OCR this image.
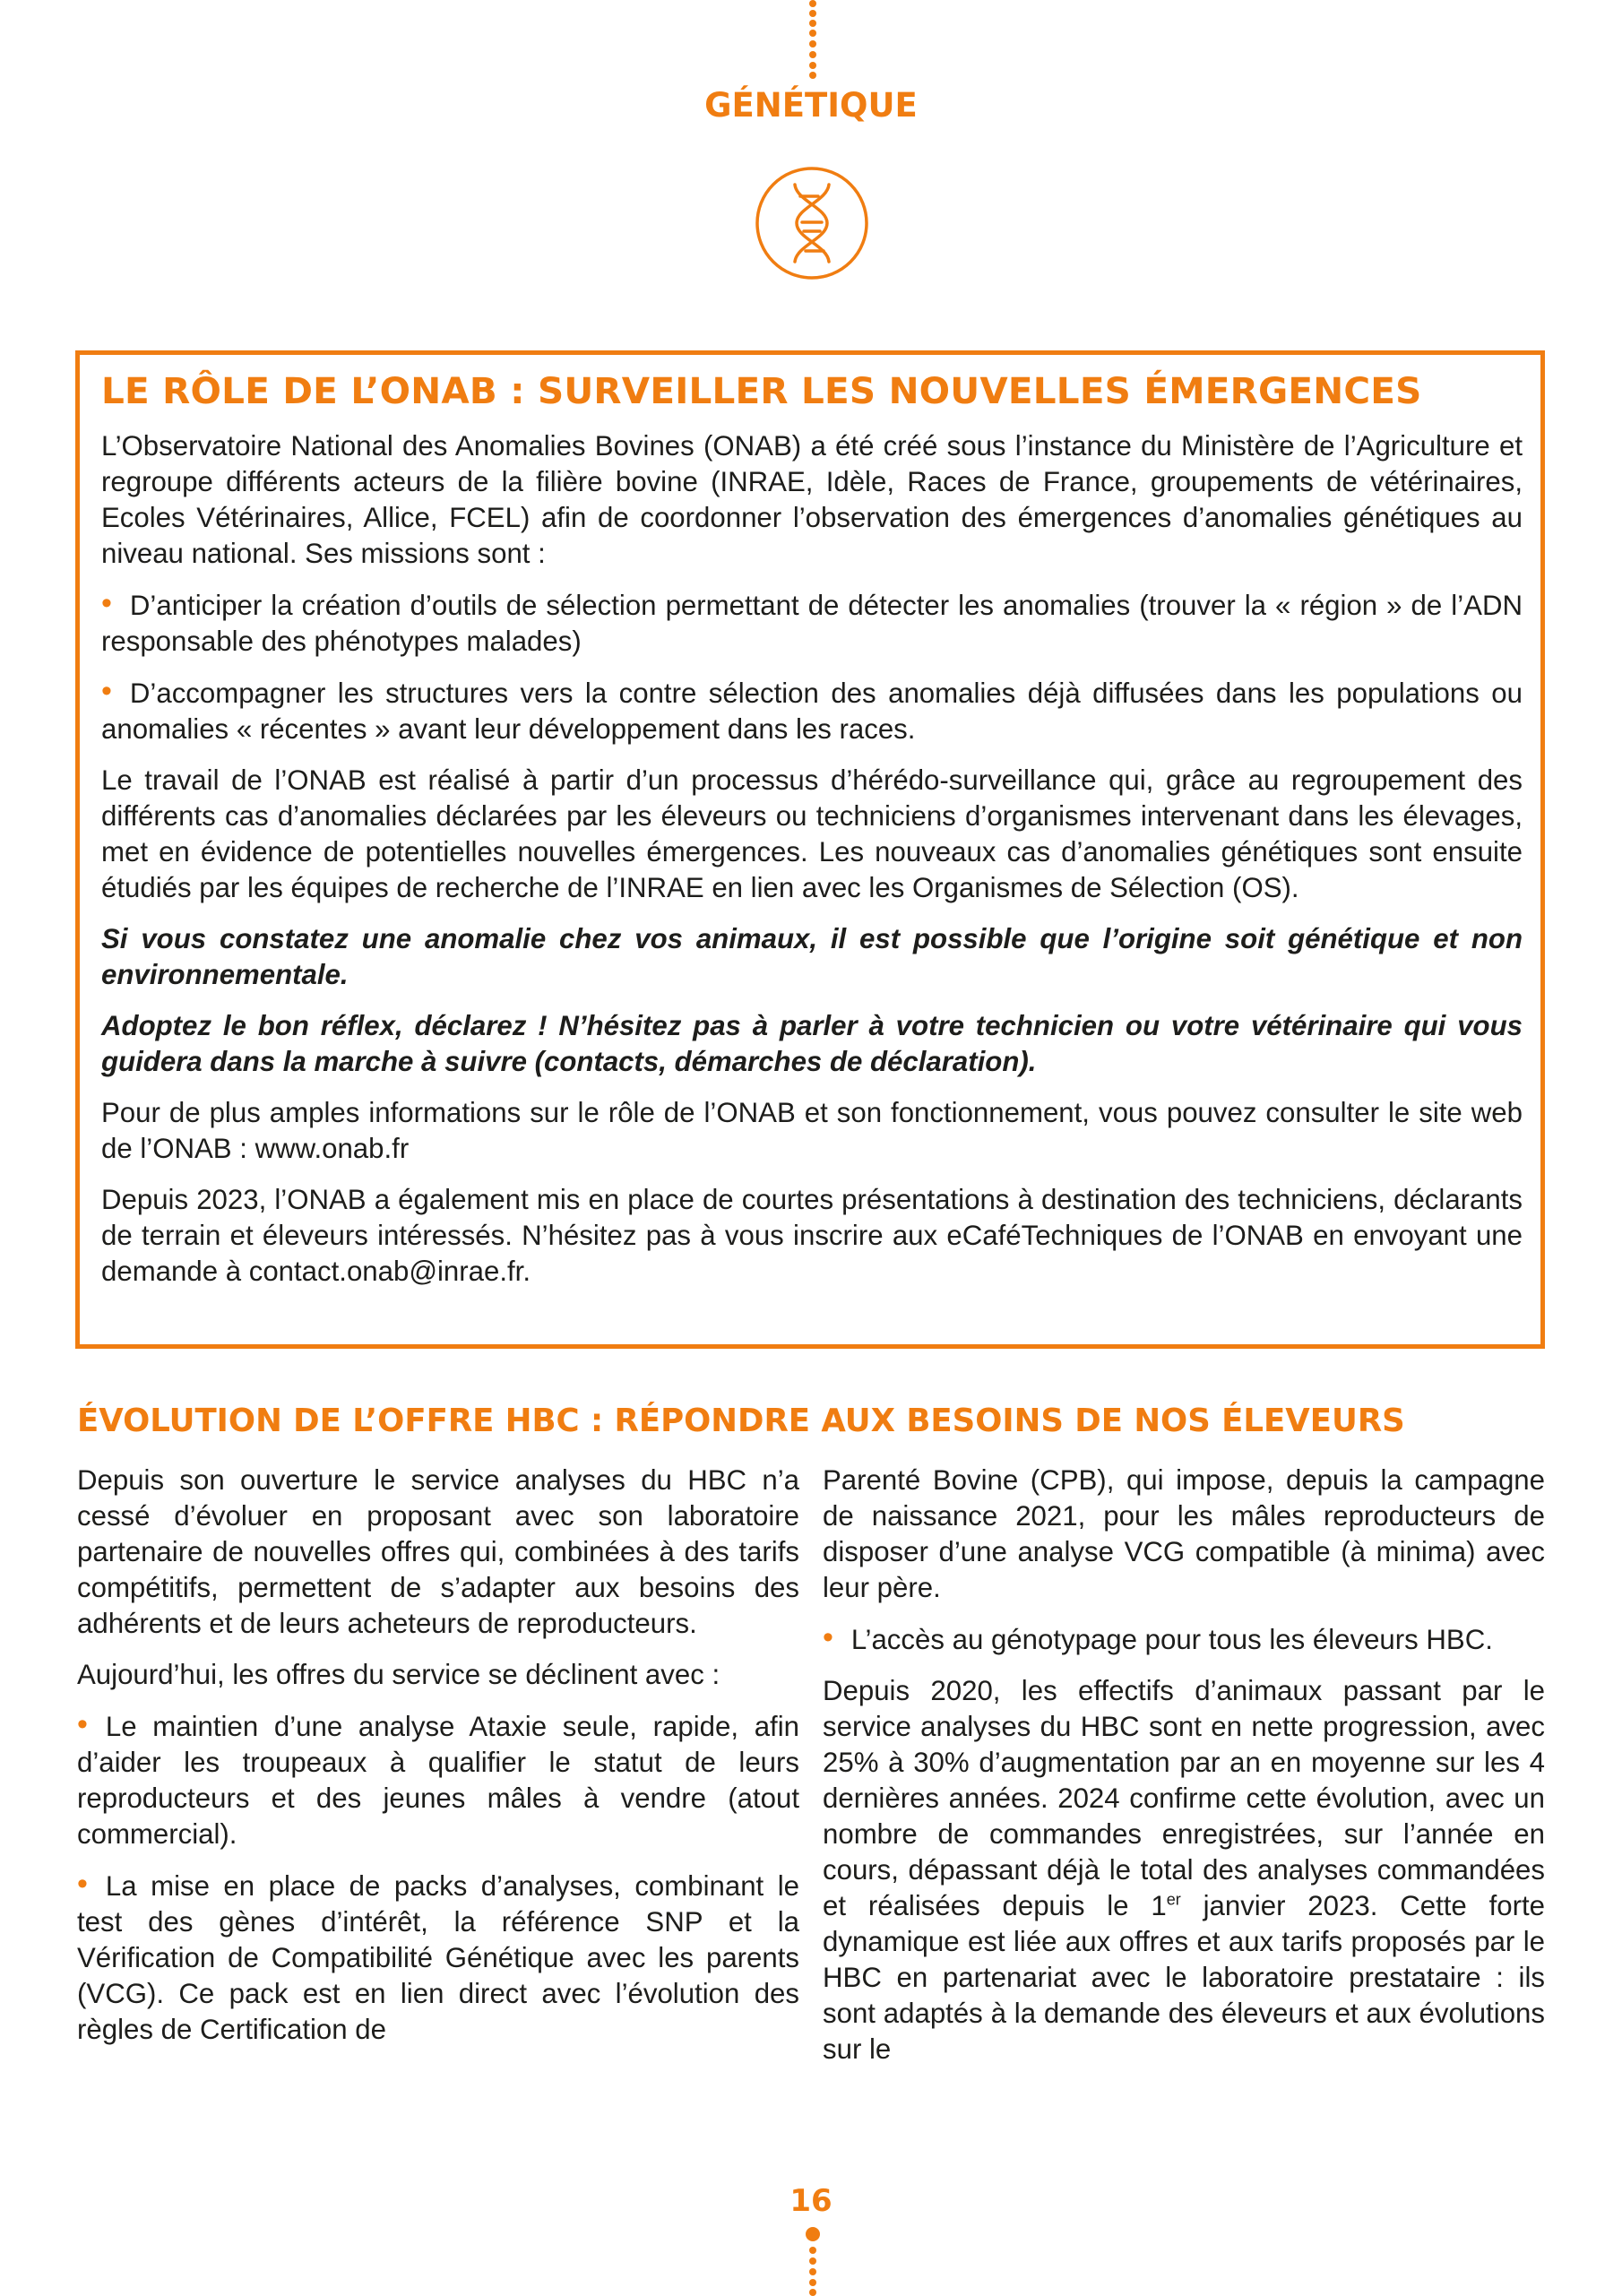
GÉNÉTIQUE
LE RÔLE DE L’ONAB : SURVEILLER LES NOUVELLES ÉMERGENCES

L’Observatoire National des Anomalies Bovines (ONAB) a été créé sous l’instance du Ministère de l’Agriculture et regroupe différents acteurs de la filière bovine (INRAE, Idèle, Races de France, groupements de vétérinaires, Ecoles Vétérinaires, Allice, FCEL) afin de coordonner l’observation des émergences d’anomalies génétiques au niveau national. Ses missions sont :

• D’anticiper la création d’outils de sélection permettant de détecter les anomalies (trouver la « région » de l’ADN responsable des phénotypes malades)

• D’accompagner les structures vers la contre sélection des anomalies déjà diffusées dans les populations ou anomalies « récentes » avant leur développement dans les races.

Le travail de l’ONAB est réalisé à partir d’un processus d’hérédo-surveillance qui, grâce au regroupement des différents cas d’anomalies déclarées par les éleveurs ou techniciens d’organismes intervenant dans les élevages, met en évidence de potentielles nouvelles émergences. Les nouveaux cas d’anomalies génétiques sont ensuite étudiés par les équipes de recherche de l’INRAE en lien avec les Organismes de Sélection (OS).

Si vous constatez une anomalie chez vos animaux, il est possible que l’origine soit génétique et non environnementale.

Adoptez le bon réflex, déclarez ! N’hésitez pas à parler à votre technicien ou votre vétérinaire qui vous guidera dans la marche à suivre (contacts, démarches de déclaration).

Pour de plus amples informations sur le rôle de l’ONAB et son fonctionnement, vous pouvez consulter le site web de l’ONAB : www.onab.fr

Depuis 2023, l’ONAB a également mis en place de courtes présentations à destination des techniciens, déclarants de terrain et éleveurs intéressés. N’hésitez pas à vous inscrire aux eCaféTechniques de l’ONAB en envoyant une demande à contact.onab@inrae.fr.

ÉVOLUTION DE L’OFFRE HBC : RÉPONDRE AUX BESOINS DE NOS ÉLEVEURS

Depuis son ouverture le service analyses du HBC n’a cessé d’évoluer en proposant avec son laboratoire partenaire de nouvelles offres qui, combinées à des tarifs compétitifs, permettent de s’adapter aux besoins des adhérents et de leurs acheteurs de reproducteurs.

Aujourd’hui, les offres du service se déclinent avec :

• Le maintien d’une analyse Ataxie seule, rapide, afin d’aider les troupeaux à qualifier le statut de leurs reproducteurs et des jeunes mâles à vendre (atout commercial).

• La mise en place de packs d’analyses, combinant le test des gènes d’intérêt, la référence SNP et la Vérification de Compatibilité Génétique avec les parents (VCG). Ce pack est en lien direct avec l’évolution des règles de Certification de

Parenté Bovine (CPB), qui impose, depuis la campagne de naissance 2021, pour les mâles reproducteurs de disposer d’une analyse VCG compatible (à minima) avec leur père.

• L’accès au génotypage pour tous les éleveurs HBC.

Depuis 2020, les effectifs d’animaux passant par le service analyses du HBC sont en nette progression, avec 25% à 30% d’augmentation par an en moyenne sur les 4 dernières années. 2024 confirme cette évolution, avec un nombre de commandes enregistrées, sur l’année en cours, dépassant déjà le total des analyses commandées et réalisées depuis le 1er janvier 2023. Cette forte dynamique est liée aux offres et aux tarifs proposés par le HBC en partenariat avec le laboratoire prestataire : ils sont adaptés à la demande des éleveurs et aux évolutions sur le

16
